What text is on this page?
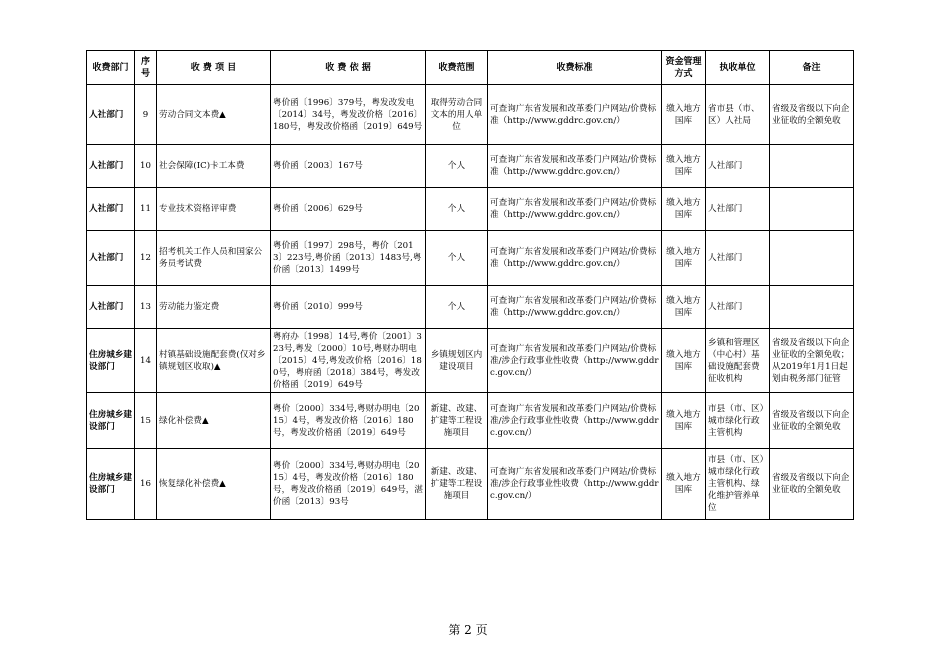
收费部门	序号	收 费 项 目	收 费 依 据	收费范围	收费标准	资金管理方式	执收单位	备注
人社部门	9	劳动合同文本费▲	粤价函〔1996〕379号，粤发改发电〔2014〕34号，粤发改价格〔2016〕180号，粤发改价格函〔2019〕649号	取得劳动合同文本的用人单位	可查询广东省发展和改革委门户网站/价费标准（http://www.gddrc.gov.cn/）	缴入地方国库	省市县（市、区）人社局	省级及省级以下向企业征收的全额免收
人社部门	10	社会保障(IC)卡工本费	粤价函〔2003〕167号	个人	可查询广东省发展和改革委门户网站/价费标准（http://www.gddrc.gov.cn/）	缴入地方国库	人社部门	
人社部门	11	专业技术资格评审费	粤价函〔2006〕629号	个人	可查询广东省发展和改革委门户网站/价费标准（http://www.gddrc.gov.cn/）	缴入地方国库	人社部门	
人社部门	12	招考机关工作人员和国家公务员考试费	粤价函〔1997〕298号，粤价〔2013〕223号,粤价函〔2013〕1483号,粤价函〔2013〕1499号	个人	可查询广东省发展和改革委门户网站/价费标准（http://www.gddrc.gov.cn/）	缴入地方国库	人社部门	
人社部门	13	劳动能力鉴定费	粤价函〔2010〕999号	个人	可查询广东省发展和改革委门户网站/价费标准（http://www.gddrc.gov.cn/）	缴入地方国库	人社部门	
住房城乡建设部门	14	村镇基础设施配套费(仅对乡镇规划区收取)▲	粤府办〔1998〕14号,粤价〔2001〕323号,粤发〔2000〕10号,粤财办明电〔2015〕4号,粤发改价格〔2016〕180号，粤府函〔2018〕384号，粤发改价格函〔2019〕649号	乡镇规划区内建设项目	可查询广东省发展和改革委门户网站/价费标准/涉企行政事业性收费（http://www.gddrc.gov.cn/）	缴入地方国库	乡镇和管理区（中心村）基础设施配套费征收机构	省级及省级以下向企业征收的全额免收；从2019年1月1日起划由税务部门征管
住房城乡建设部门	15	绿化补偿费▲	粤价〔2000〕334号,粤财办明电〔2015〕4号，粤发改价格〔2016〕180号，粤发改价格函〔2019〕649号	新建、改建、扩建等工程设施项目	可查询广东省发展和改革委门户网站/价费标准/涉企行政事业性收费（http://www.gddrc.gov.cn/）	缴入地方国库	市县（市、区）城市绿化行政主管机构	省级及省级以下向企业征收的全额免收
住房城乡建设部门	16	恢复绿化补偿费▲	粤价〔2000〕334号,粤财办明电〔2015〕4号，粤发改价格〔2016〕180号，粤发改价格函〔2019〕649号，湛价函〔2013〕93号	新建、改建、扩建等工程设施项目	可查询广东省发展和改革委门户网站/价费标准/涉企行政事业性收费（http://www.gddrc.gov.cn/）	缴入地方国库	市县（市、区）城市绿化行政主管机构、绿化维护管养单位	省级及省级以下向企业征收的全额免收
第 2 页
